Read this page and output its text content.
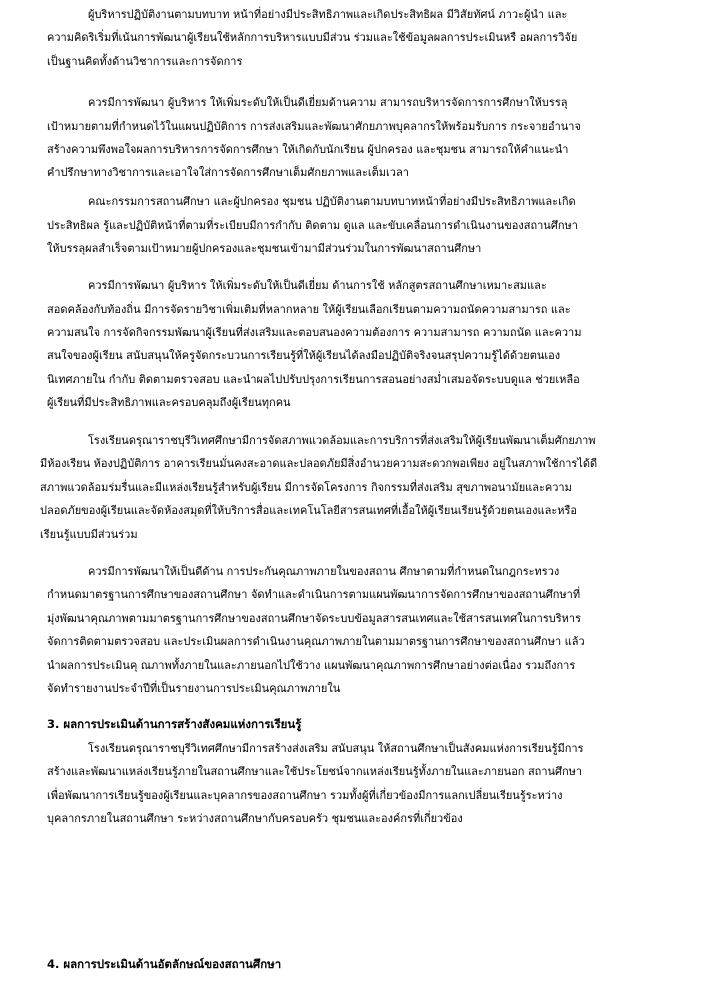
ผู้บริหารปฏิบัติงานตามบทบาท หน้าที่อย่างมีประสิทธิภาพและเกิดประสิทธิผล มีวิสัยทัศน์ ภาวะผู้นำ และ
ความคิดริเริ่มที่เน้นการพัฒนาผู้เรียนใช้หลักการบริหารแบบมีส่วน ร่วมและใช้ข้อมูลผลการประเมินหรื อผลการวิจัย
เป็นฐานคิดทั้งด้านวิชาการและการจัดการ
ควรมีการพัฒนา ผู้บริหาร ให้เพิ่มระดับให้เป็นดีเยี่ยมด้านความ สามารถบริหารจัดการการศึกษาให้บรรลุ
เป้าหมายตามที่กำหนดไว้ในแผนปฏิบัติการ การส่งเสริมและพัฒนาศักยภาพบุคลากรให้พร้อมรับการ กระจายอำนาจ
สร้างความพึงพอใจผลการบริหารการจัดการศึกษา ให้เกิดกับนักเรียน ผู้ปกครอง และชุมชน สามารถให้คำแนะนำ
คำปรึกษาทางวิชาการและเอาใจใส่การจัดการศึกษาเต็มศักยภาพและเต็มเวลา
คณะกรรมการสถานศึกษา และผู้ปกครอง ชุมชน ปฏิบัติงานตามบทบาทหน้าที่อย่างมีประสิทธิภาพและเกิด
ประสิทธิผล รู้และปฏิบัติหน้าที่ตามที่ระเบียบมีการกำกับ ติดตาม ดูแล และขับเคลื่อนการดำเนินงานของสถานศึกษา
ให้บรรลุผลสำเร็จตามเป้าหมายผู้ปกครองและชุมชนเข้ามามีส่วนร่วมในการพัฒนาสถานศึกษา
ควรมีการพัฒนา ผู้บริหาร ให้เพิ่มระดับให้เป็นดีเยี่ยม ด้านการใช้ หลักสูตรสถานศึกษาเหมาะสมและ
สอดคล้องกับท้องถิ่น มีการจัดรายวิชาเพิ่มเติมที่หลากหลาย ให้ผู้เรียนเลือกเรียนตามความถนัดความสามารถ และ
ความสนใจ การจัดกิจกรรมพัฒนาผู้เรียนที่ส่งเสริมและตอบสนองความต้องการ ความสามารถ ความถนัด และความ
สนใจของผู้เรียน สนับสนุนให้ครูจัดกระบวนการเรียนรู้ที่ให้ผู้เรียนได้ลงมือปฏิบัติจริงจนสรุปความรู้ได้ด้วยตนเอง
นิเทศภายใน กำกับ ติดตามตรวจสอบ และนำผลไปปรับปรุงการเรียนการสอนอย่างสม่ำเสมอจัดระบบดูแล ช่วยเหลือ
ผู้เรียนที่มีประสิทธิภาพและครอบคลุมถึงผู้เรียนทุกคน
โรงเรียนดรุณาราชบุรีวิเทศศึกษามีการจัดสภาพแวดล้อมและการบริการที่ส่งเสริมให้ผู้เรียนพัฒนาเต็มศักยภาพ
มีห้องเรียน ห้องปฏิบัติการ อาคารเรียนมั่นคงสะอาดและปลอดภัยมีสิ่งอำนวยความสะดวกพอเพียง อยู่ในสภาพใช้การได้ดี
สภาพแวดล้อมร่มรื่นและมีแหล่งเรียนรู้สำหรับผู้เรียน มีการจัดโครงการ กิจกรรมที่ส่งเสริม สุขภาพอนามัยและความ
ปลอดภัยของผู้เรียนและจัดห้องสมุดที่ให้บริการสื่อและเทคโนโลยีสารสนเทศที่เอื้อให้ผู้เรียนเรียนรู้ด้วยตนเองและหรือ
เรียนรู้แบบมีส่วนร่วม
ควรมีการพัฒนาให้เป็นดีด้าน การประกันคุณภาพภายในของสถาน ศึกษาตามที่กำหนดในกฎกระทรวง
กำหนดมาตรฐานการศึกษาของสถานศึกษา จัดทำและดำเนินการตามแผนพัฒนาการจัดการศึกษาของสถานศึกษาที่
มุ่งพัฒนาคุณภาพตามมาตรฐานการศึกษาของสถานศึกษาจัดระบบข้อมูลสารสนเทศและใช้สารสนเทศในการบริหาร
จัดการติดตามตรวจสอบ และประเมินผลการดำเนินงานคุณภาพภายในตามมาตรฐานการศึกษาของสถานศึกษา แล้ว
นำผลการประเมินคุ ณภาพทั้งภายในและภายนอกไปใช้วาง แผนพัฒนาคุณภาพการศึกษาอย่างต่อเนื่อง รวมถึงการ
จัดทำรายงานประจำปีที่เป็นรายงานการประเมินคุณภาพภายใน
3. ผลการประเมินด้านการสร้างสังคมแห่งการเรียนรู้
โรงเรียนดรุณาราชบุรีวิเทศศึกษามีการสร้างส่งเสริม สนับสนุน ให้สถานศึกษาเป็นสังคมแห่งการเรียนรู้มีการ
สร้างและพัฒนาแหล่งเรียนรู้ภายในสถานศึกษาและใช้ประโยชน์จากแหล่งเรียนรู้ทั้งภายในและภายนอก สถานศึกษา
เพื่อพัฒนาการเรียนรู้ของผู้เรียนและบุคลากรของสถานศึกษา รวมทั้งผู้ที่เกี่ยวข้องมีการแลกเปลี่ยนเรียนรู้ระหว่าง
บุคลากรภายในสถานศึกษา ระหว่างสถานศึกษากับครอบครัว ชุมชนและองค์กรที่เกี่ยวข้อง
4. ผลการประเมินด้านอัตลักษณ์ของสถานศึกษา
